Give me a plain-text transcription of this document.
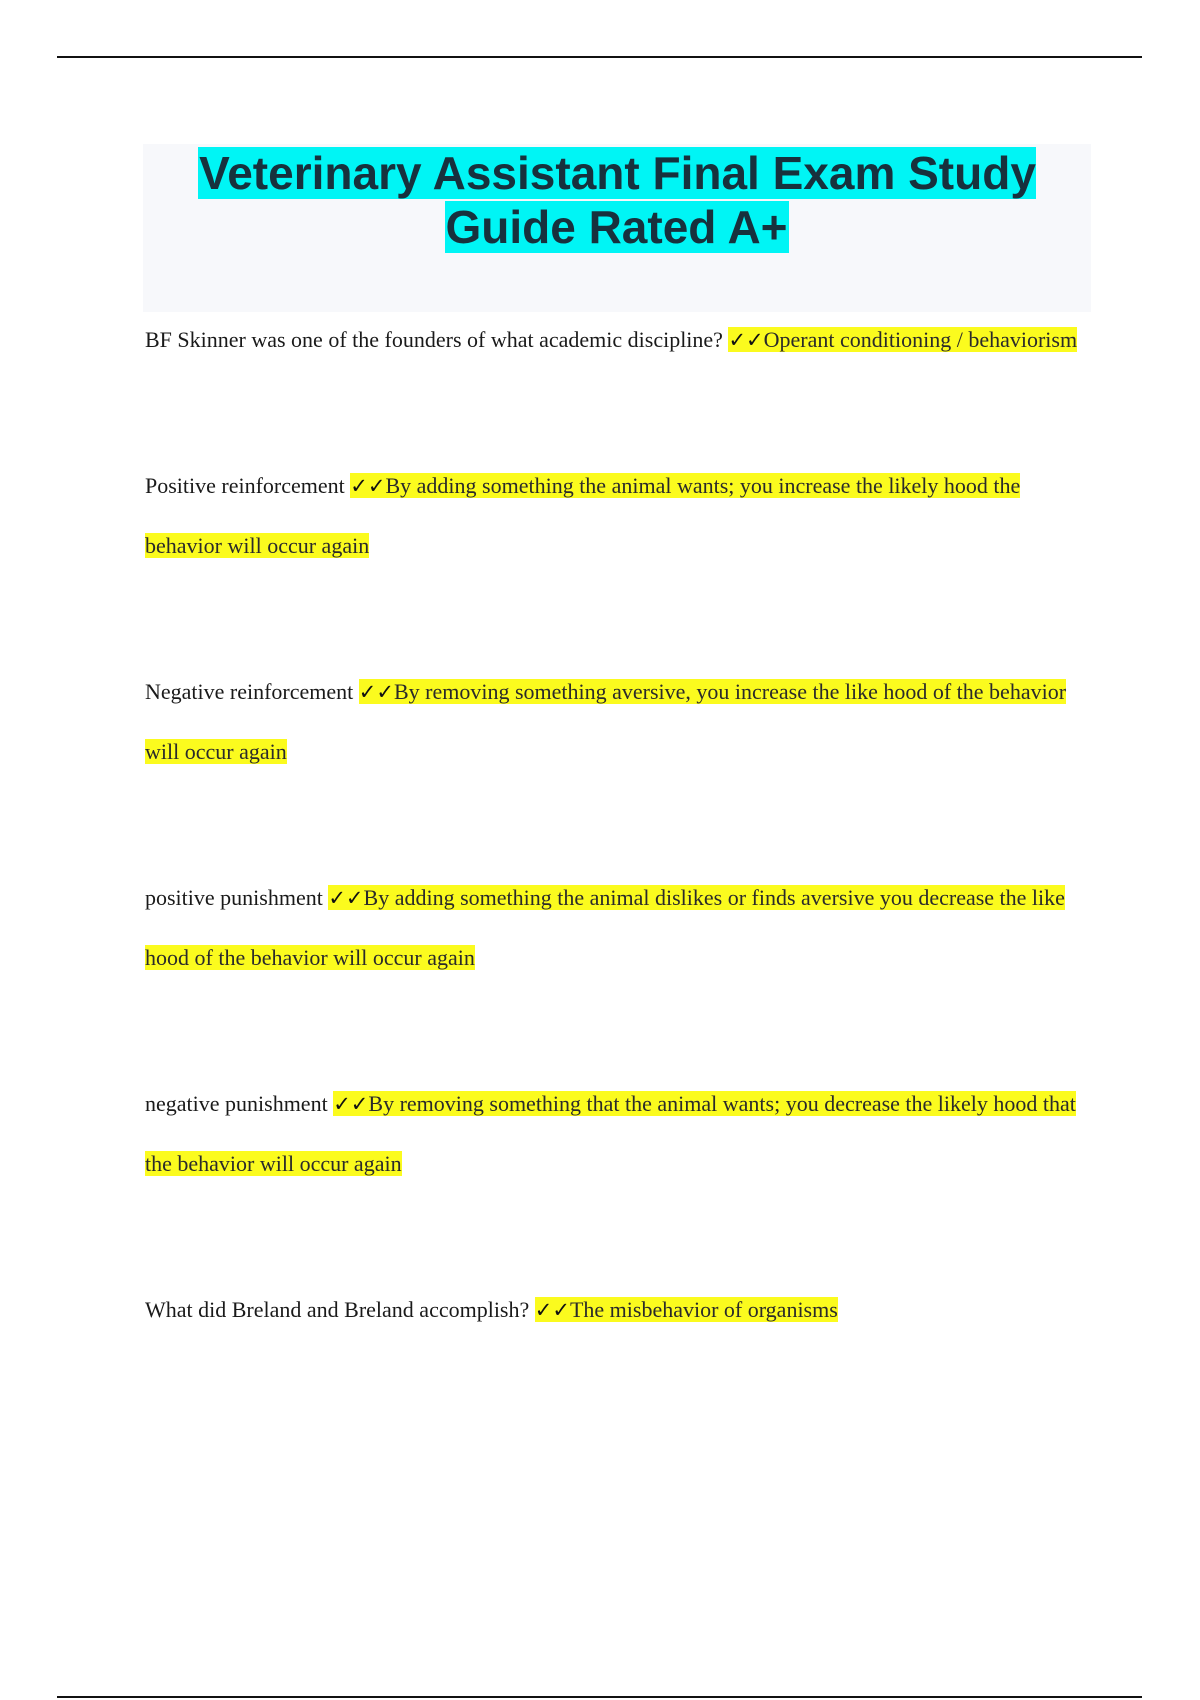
Veterinary Assistant Final Exam Study Guide Rated A+

BF Skinner was one of the founders of what academic discipline? ✓✓Operant conditioning / behaviorism

Positive reinforcement ✓✓By adding something the animal wants; you increase the likely hood the behavior will occur again

Negative reinforcement ✓✓By removing something aversive, you increase the like hood of the behavior will occur again

positive punishment ✓✓By adding something the animal dislikes or finds aversive you decrease the like hood of the behavior will occur again

negative punishment ✓✓By removing something that the animal wants; you decrease the likely hood that the behavior will occur again

What did Breland and Breland accomplish? ✓✓The misbehavior of organisms
